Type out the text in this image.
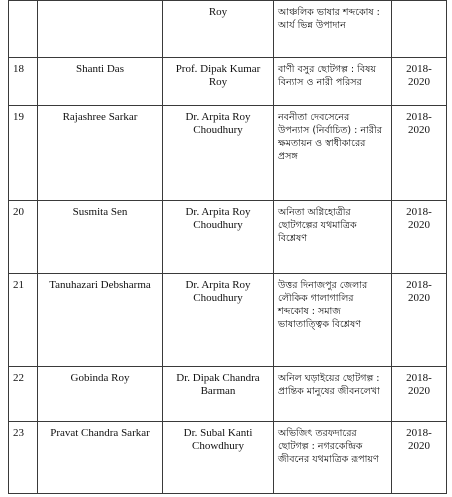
		Roy	আঞ্চলিক ভাষার শব্দকোষ :
আর্য ভিন্ন উপাদান	
18	Shanti Das	Prof. Dipak Kumar
Roy	বাণী বসুর ছোটগল্প : বিষয়
বিন্যাস ও নারী পরিসর	2018-2020
19	Rajashree Sarkar	Dr. Arpita Roy
Choudhury	নবনীতা দেবসেনের
উপন্যাস (নির্বাচিত) : নারীর
ক্ষমতায়ন ও স্বাধীকারের
প্রসঙ্গ	2018-2020
20	Susmita Sen	Dr. Arpita Roy
Choudhury	অনিতা অগ্নিহোত্রীর
ছোটগল্পের যথমাত্রিক
বিশ্লেষণ	2018-2020
21	Tanuhazari Debsharma	Dr. Arpita Roy
Choudhury	উত্তর দিনাজপুর জেলার
লৌকিক গালাগালির
শব্দকোষ : সমাজ
ভাষাতাত্ত্বিক বিশ্লেষণ	2018-2020
22	Gobinda Roy	Dr. Dipak Chandra
Barman	অনিল ঘড়াইয়ের ছোটগল্প :
প্রান্তিক মানুষের জীবনলেখা	2018-2020
23	Pravat Chandra Sarkar	Dr. Subal Kanti
Chowdhury	অভিজিৎ তরফদারের
ছোটগল্প : নগরকেন্দ্রিক
জীবনের যথমাত্রিক রূপায়ণ	2018-2020
